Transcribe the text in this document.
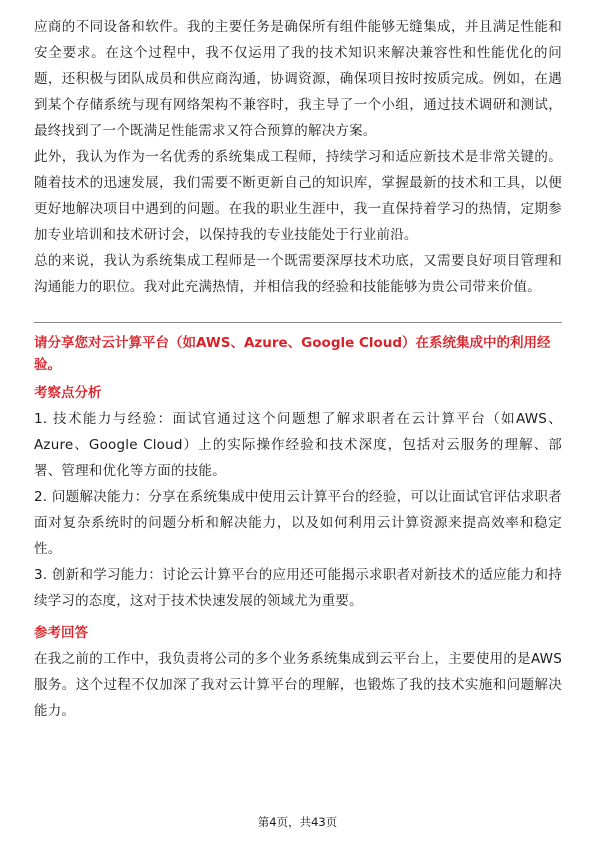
应商的不同设备和软件。我的主要任务是确保所有组件能够无缝集成，并且满足性能和安全要求。在这个过程中，我不仅运用了我的技术知识来解决兼容性和性能优化的问题，还积极与团队成员和供应商沟通，协调资源，确保项目按时按质完成。例如，在遇到某个存储系统与现有网络架构不兼容时，我主导了一个小组，通过技术调研和测试，最终找到了一个既满足性能需求又符合预算的解决方案。

此外，我认为作为一名优秀的系统集成工程师，持续学习和适应新技术是非常关键的。随着技术的迅速发展，我们需要不断更新自己的知识库，掌握最新的技术和工具，以便更好地解决项目中遇到的问题。在我的职业生涯中，我一直保持着学习的热情，定期参加专业培训和技术研讨会，以保持我的专业技能处于行业前沿。

总的来说，我认为系统集成工程师是一个既需要深厚技术功底，又需要良好项目管理和沟通能力的职位。我对此充满热情，并相信我的经验和技能能够为贵公司带来价值。

请分享您对云计算平台（如AWS、Azure、Google Cloud）在系统集成中的利用经验。

考察点分析

1. 技术能力与经验：面试官通过这个问题想了解求职者在云计算平台（如AWS、Azure、Google Cloud）上的实际操作经验和技术深度，包括对云服务的理解、部署、管理和优化等方面的技能。

2. 问题解决能力：分享在系统集成中使用云计算平台的经验，可以让面试官评估求职者面对复杂系统时的问题分析和解决能力，以及如何利用云计算资源来提高效率和稳定性。

3. 创新和学习能力：讨论云计算平台的应用还可能揭示求职者对新技术的适应能力和持续学习的态度，这对于技术快速发展的领域尤为重要。

参考回答

在我之前的工作中，我负责将公司的多个业务系统集成到云平台上，主要使用的是AWS服务。这个过程不仅加深了我对云计算平台的理解，也锻炼了我的技术实施和问题解决能力。

第4页，共43页
